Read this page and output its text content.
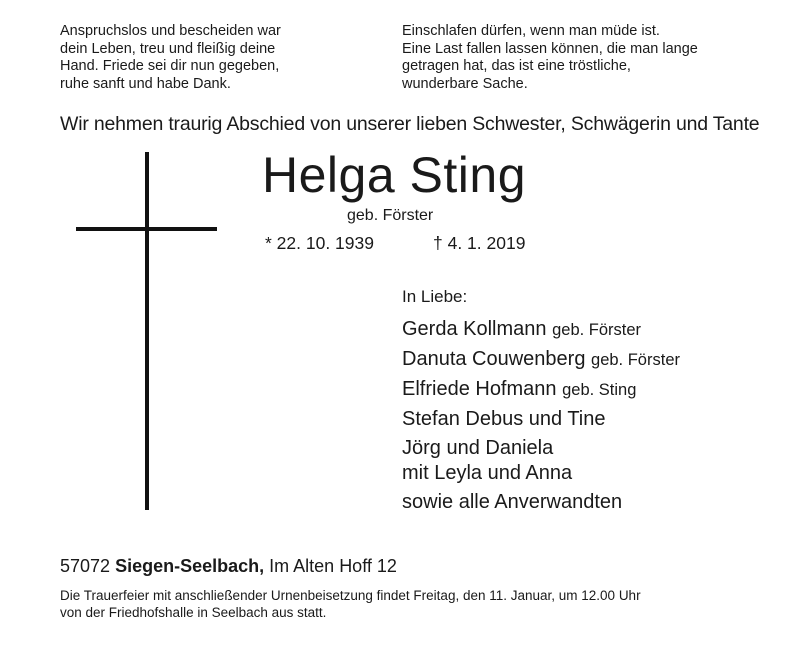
Anspruchslos und bescheiden war
dein Leben, treu und fleißig deine
Hand. Friede sei dir nun gegeben,
ruhe sanft und habe Dank.
Einschlafen dürfen, wenn man müde ist.
Eine Last fallen lassen können, die man lange
getragen hat, das ist eine tröstliche,
wunderbare Sache.
Wir nehmen traurig Abschied von unserer lieben Schwester, Schwägerin und Tante
Helga Sting
geb. Förster
* 22. 10. 1939	† 4. 1. 2019
In Liebe:
Gerda Kollmann geb. Förster
Danuta Couwenberg geb. Förster
Elfriede Hofmann geb. Sting
Stefan Debus und Tine
Jörg und Daniela
mit Leyla und Anna
sowie alle Anverwandten
57072 Siegen-Seelbach, Im Alten Hoff 12
Die Trauerfeier mit anschließender Urnenbeisetzung findet Freitag, den 11. Januar, um 12.00 Uhr
von der Friedhofshalle in Seelbach aus statt.
